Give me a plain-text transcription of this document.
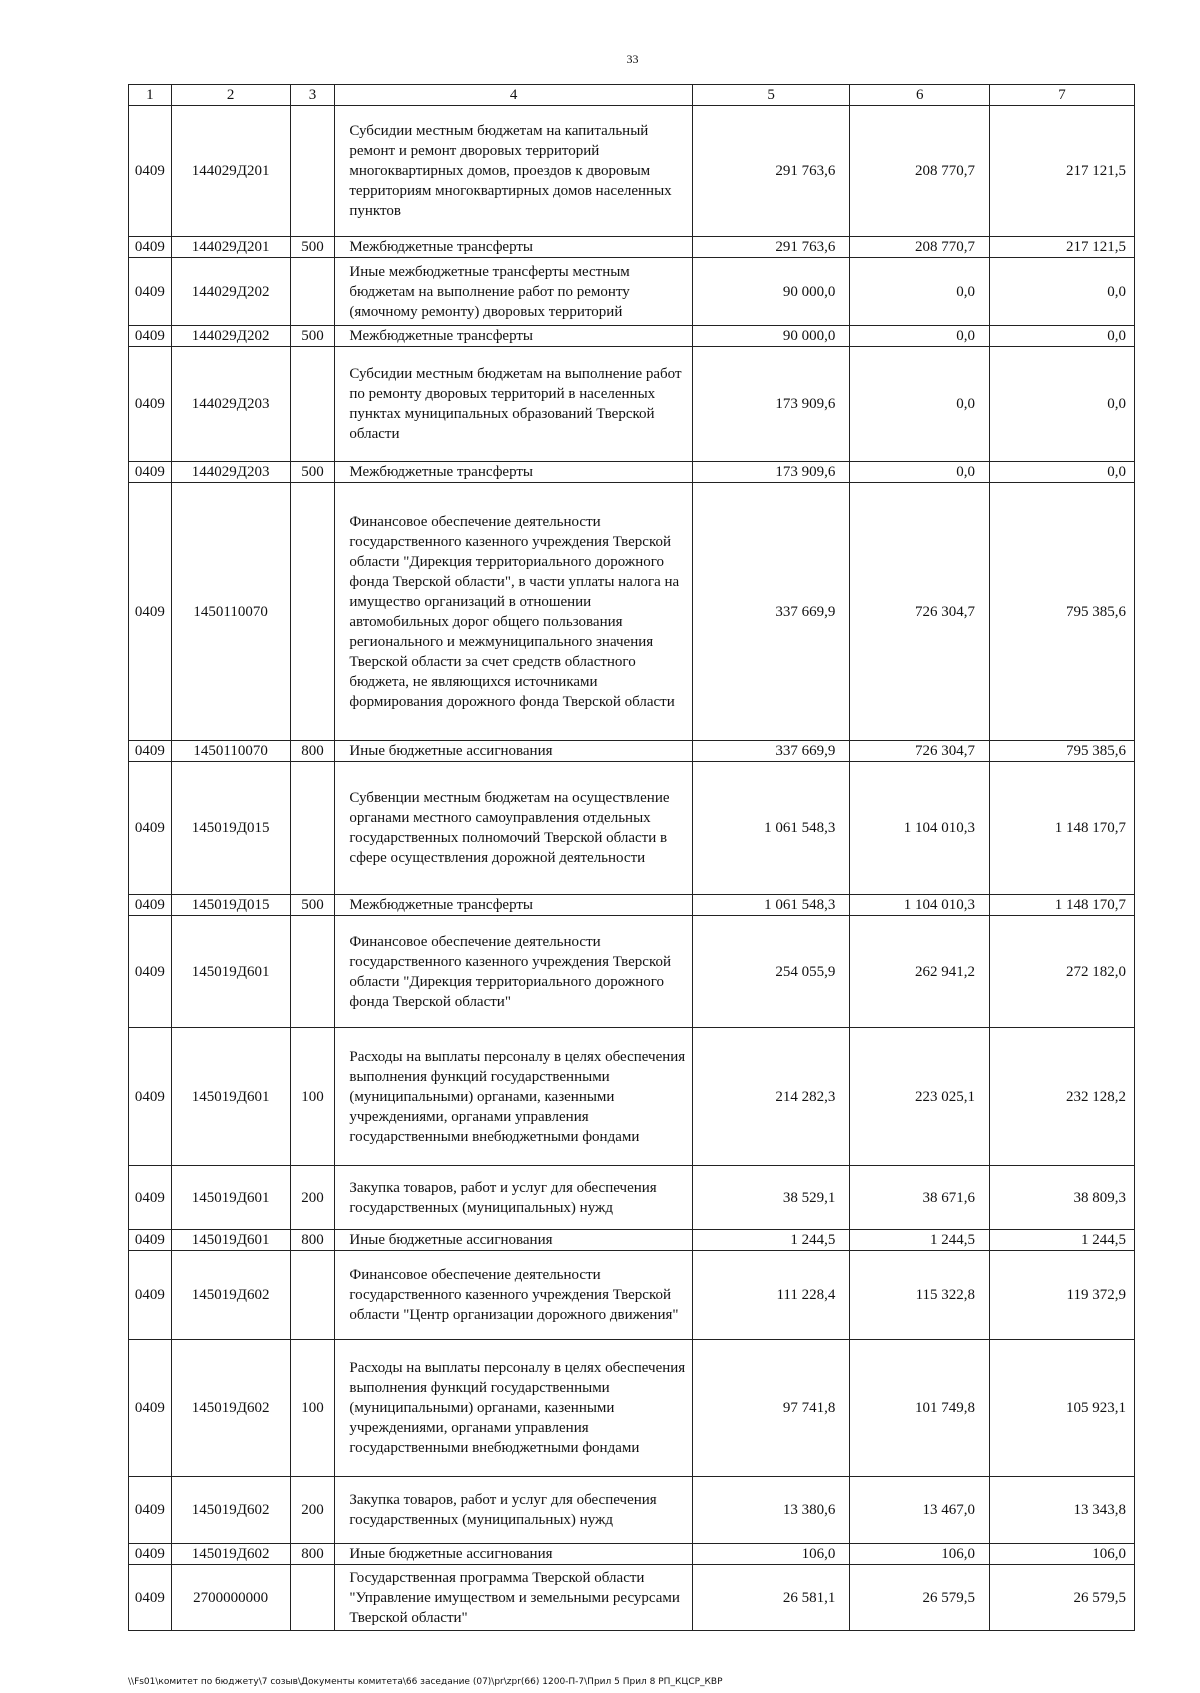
33
1	2	3	4	5	6	7
0409	144029Д201		Субсидии местным бюджетам на капитальный ремонт и ремонт дворовых территорий многоквартирных домов, проездов к дворовым территориям многоквартирных домов населенных пунктов	291 763,6	208 770,7	217 121,5
0409	144029Д201	500	Межбюджетные трансферты	291 763,6	208 770,7	217 121,5
0409	144029Д202		Иные межбюджетные трансферты местным бюджетам на выполнение работ по ремонту (ямочному ремонту) дворовых территорий	90 000,0	0,0	0,0
0409	144029Д202	500	Межбюджетные трансферты	90 000,0	0,0	0,0
0409	144029Д203		Субсидии местным бюджетам на выполнение работ по ремонту дворовых территорий в населенных пунктах муниципальных образований Тверской области	173 909,6	0,0	0,0
0409	144029Д203	500	Межбюджетные трансферты	173 909,6	0,0	0,0
0409	1450110070		Финансовое обеспечение деятельности государственного казенного учреждения Тверской области "Дирекция территориального дорожного фонда Тверской области", в части уплаты налога на имущество организаций в отношении автомобильных дорог общего пользования регионального и межмуниципального значения Тверской области за счет средств областного бюджета, не являющихся источниками формирования дорожного фонда Тверской области	337 669,9	726 304,7	795 385,6
0409	1450110070	800	Иные бюджетные ассигнования	337 669,9	726 304,7	795 385,6
0409	145019Д015		Субвенции местным бюджетам на осуществление органами местного самоуправления отдельных государственных полномочий Тверской области в сфере осуществления дорожной деятельности	1 061 548,3	1 104 010,3	1 148 170,7
0409	145019Д015	500	Межбюджетные трансферты	1 061 548,3	1 104 010,3	1 148 170,7
0409	145019Д601		Финансовое обеспечение деятельности государственного казенного учреждения Тверской области "Дирекция территориального дорожного фонда Тверской области"	254 055,9	262 941,2	272 182,0
0409	145019Д601	100	Расходы на выплаты персоналу в целях обеспечения выполнения функций государственными (муниципальными) органами, казенными учреждениями, органами управления государственными внебюджетными фондами	214 282,3	223 025,1	232 128,2
0409	145019Д601	200	Закупка товаров, работ и услуг для обеспечения государственных (муниципальных) нужд	38 529,1	38 671,6	38 809,3
0409	145019Д601	800	Иные бюджетные ассигнования	1 244,5	1 244,5	1 244,5
0409	145019Д602		Финансовое обеспечение деятельности государственного казенного учреждения Тверской области "Центр организации дорожного движения"	111 228,4	115 322,8	119 372,9
0409	145019Д602	100	Расходы на выплаты персоналу в целях обеспечения выполнения функций государственными (муниципальными) органами, казенными учреждениями, органами управления государственными внебюджетными фондами	97 741,8	101 749,8	105 923,1
0409	145019Д602	200	Закупка товаров, работ и услуг для обеспечения государственных (муниципальных) нужд	13 380,6	13 467,0	13 343,8
0409	145019Д602	800	Иные бюджетные ассигнования	106,0	106,0	106,0
0409	2700000000		Государственная программа Тверской области "Управление имуществом и земельными ресурсами Тверской области"	26 581,1	26 579,5	26 579,5
\\Fs01\комитет по бюджету\7 созыв\Документы комитета\66 заседание (07)\pr\zpr(66) 1200-П-7\Прил 5 Прил 8 РП_КЦСР_КВР
